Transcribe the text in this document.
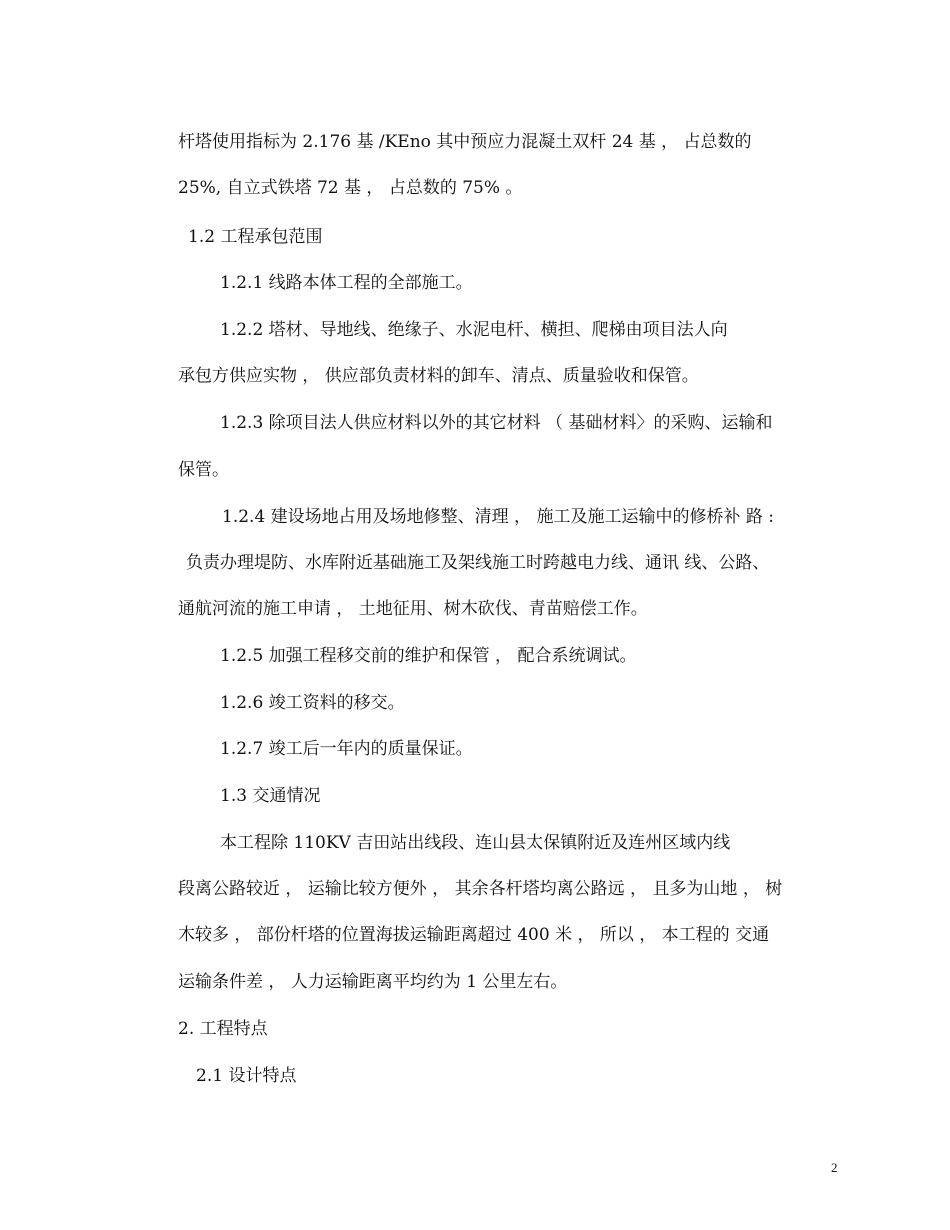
杆塔使用指标为 2.176 基 /KEno 其中预应力混凝土双杆 24 基 ， 占总数的
25%, 自立式铁塔 72 基 ， 占总数的 75% 。
1.2 工程承包范围
1.2.1 线路本体工程的全部施工。
1.2.2 塔材、导地线、绝缘子、水泥电杆、横担、爬梯由项目法人向
承包方供应实物 ， 供应部负责材料的卸车、清点、质量验收和保管。
1.2.3 除项目法人供应材料以外的其它材料 （ 基础材料〉的采购、运输和
保管。
1.2.4 建设场地占用及场地修整、清理 ， 施工及施工运输中的修桥补 路 :
负责办理堤防、水库附近基础施工及架线施工时跨越电力线、通讯 线、公路、
通航河流的施工申请 ， 土地征用、树木砍伐、青苗赔偿工作。
1.2.5 加强工程移交前的维护和保管 ， 配合系统调试。
1.2.6 竣工资料的移交。
1.2.7 竣工后一年内的质量保证。
1.3 交通情况
本工程除 110KV 吉田站出线段、连山县太保镇附近及连州区域内线
段离公路较近 ， 运输比较方便外 ， 其余各杆塔均离公路远 ， 且多为山地 ， 树
木较多 ， 部份杆塔的位置海拔运输距离超过 400 米 ， 所以 ， 本工程的 交通
运输条件差 ， 人力运输距离平均约为 1 公里左右。
2. 工程特点
2.1 设计特点
2
